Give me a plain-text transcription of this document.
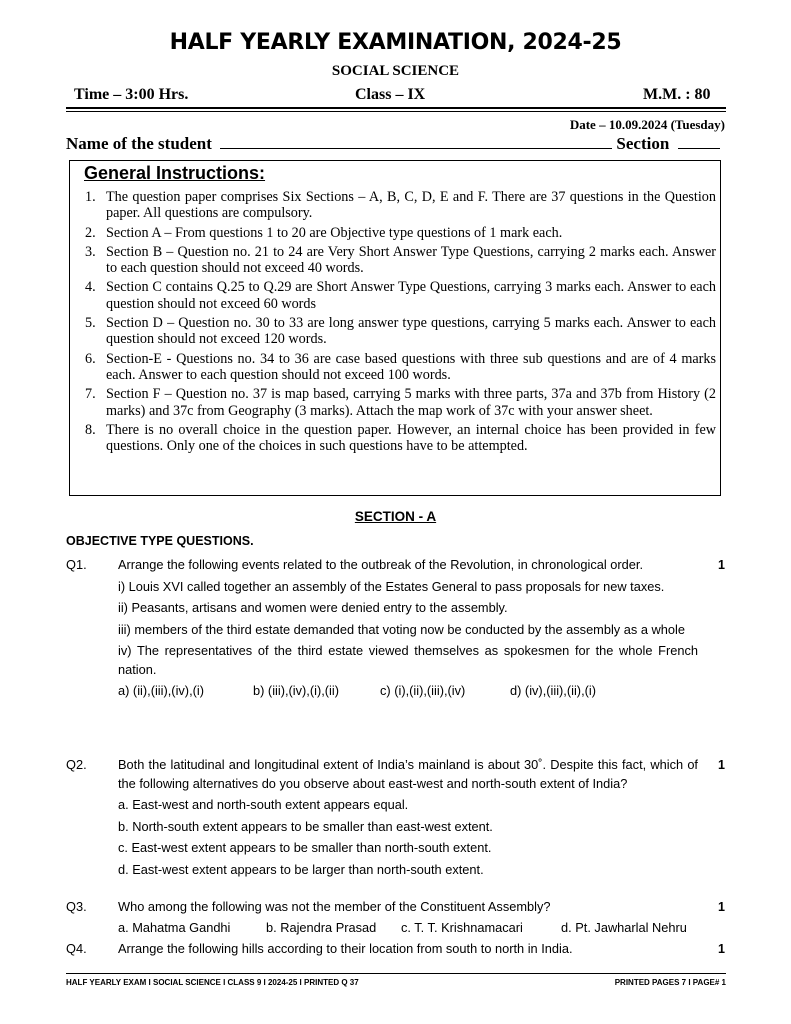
HALF YEARLY EXAMINATION, 2024-25
SOCIAL SCIENCE
Time – 3:00 Hrs.	Class – IX	M.M. : 80
Date – 10.09.2024 (Tuesday)
Name of the student	Section
General Instructions:
1. The question paper comprises Six Sections – A, B, C, D, E and F. There are 37 questions in the Question paper. All questions are compulsory.
2. Section A – From questions 1 to 20 are Objective type questions of 1 mark each.
3. Section B – Question no. 21 to 24 are Very Short Answer Type Questions, carrying 2 marks each. Answer to each question should not exceed 40 words.
4. Section C contains Q.25 to Q.29 are Short Answer Type Questions, carrying 3 marks each. Answer to each question should not exceed 60 words
5. Section D – Question no. 30 to 33 are long answer type questions, carrying 5 marks each. Answer to each question should not exceed 120 words.
6. Section-E - Questions no. 34 to 36 are case based questions with three sub questions and are of 4 marks each. Answer to each question should not exceed 100 words.
7. Section F – Question no. 37 is map based, carrying 5 marks with three parts, 37a and 37b from History (2 marks) and 37c from Geography (3 marks). Attach the map work of 37c with your answer sheet.
8. There is no overall choice in the question paper. However, an internal choice has been provided in few questions. Only one of the choices in such questions have to be attempted.
SECTION - A
OBJECTIVE TYPE QUESTIONS.
Q1. Arrange the following events related to the outbreak of the Revolution, in chronological order.
i) Louis XVI called together an assembly of the Estates General to pass proposals for new taxes.
ii) Peasants, artisans and women were denied entry to the assembly.
iii) members of the third estate demanded that voting now be conducted by the assembly as a whole
iv) The representatives of the third estate viewed themselves as spokesmen for the whole French nation.
a) (ii),(iii),(iv),(i)	b) (iii),(iv),(i),(ii)	c) (i),(ii),(iii),(iv)	d) (iv),(iii),(ii),(i)
1
Q2. Both the latitudinal and longitudinal extent of India’s mainland is about 30˚. Despite this fact, which of the following alternatives do you observe about east-west and north-south extent of India?
a. East-west and north-south extent appears equal.
b. North-south extent appears to be smaller than east-west extent.
c. East-west extent appears to be smaller than north-south extent.
d. East-west extent appears to be larger than north-south extent.
1
Q3. Who among the following was not the member of the Constituent Assembly?
a. Mahatma Gandhi	b. Rajendra Prasad	c. T. T. Krishnamacari	d. Pt. Jawharlal Nehru
1
Q4. Arrange the following hills according to their location from south to north in India.	1
HALF YEARLY EXAM I SOCIAL SCIENCE I CLASS 9 I 2024-25 I PRINTED Q 37	PRINTED PAGES 7 I PAGE# 1
